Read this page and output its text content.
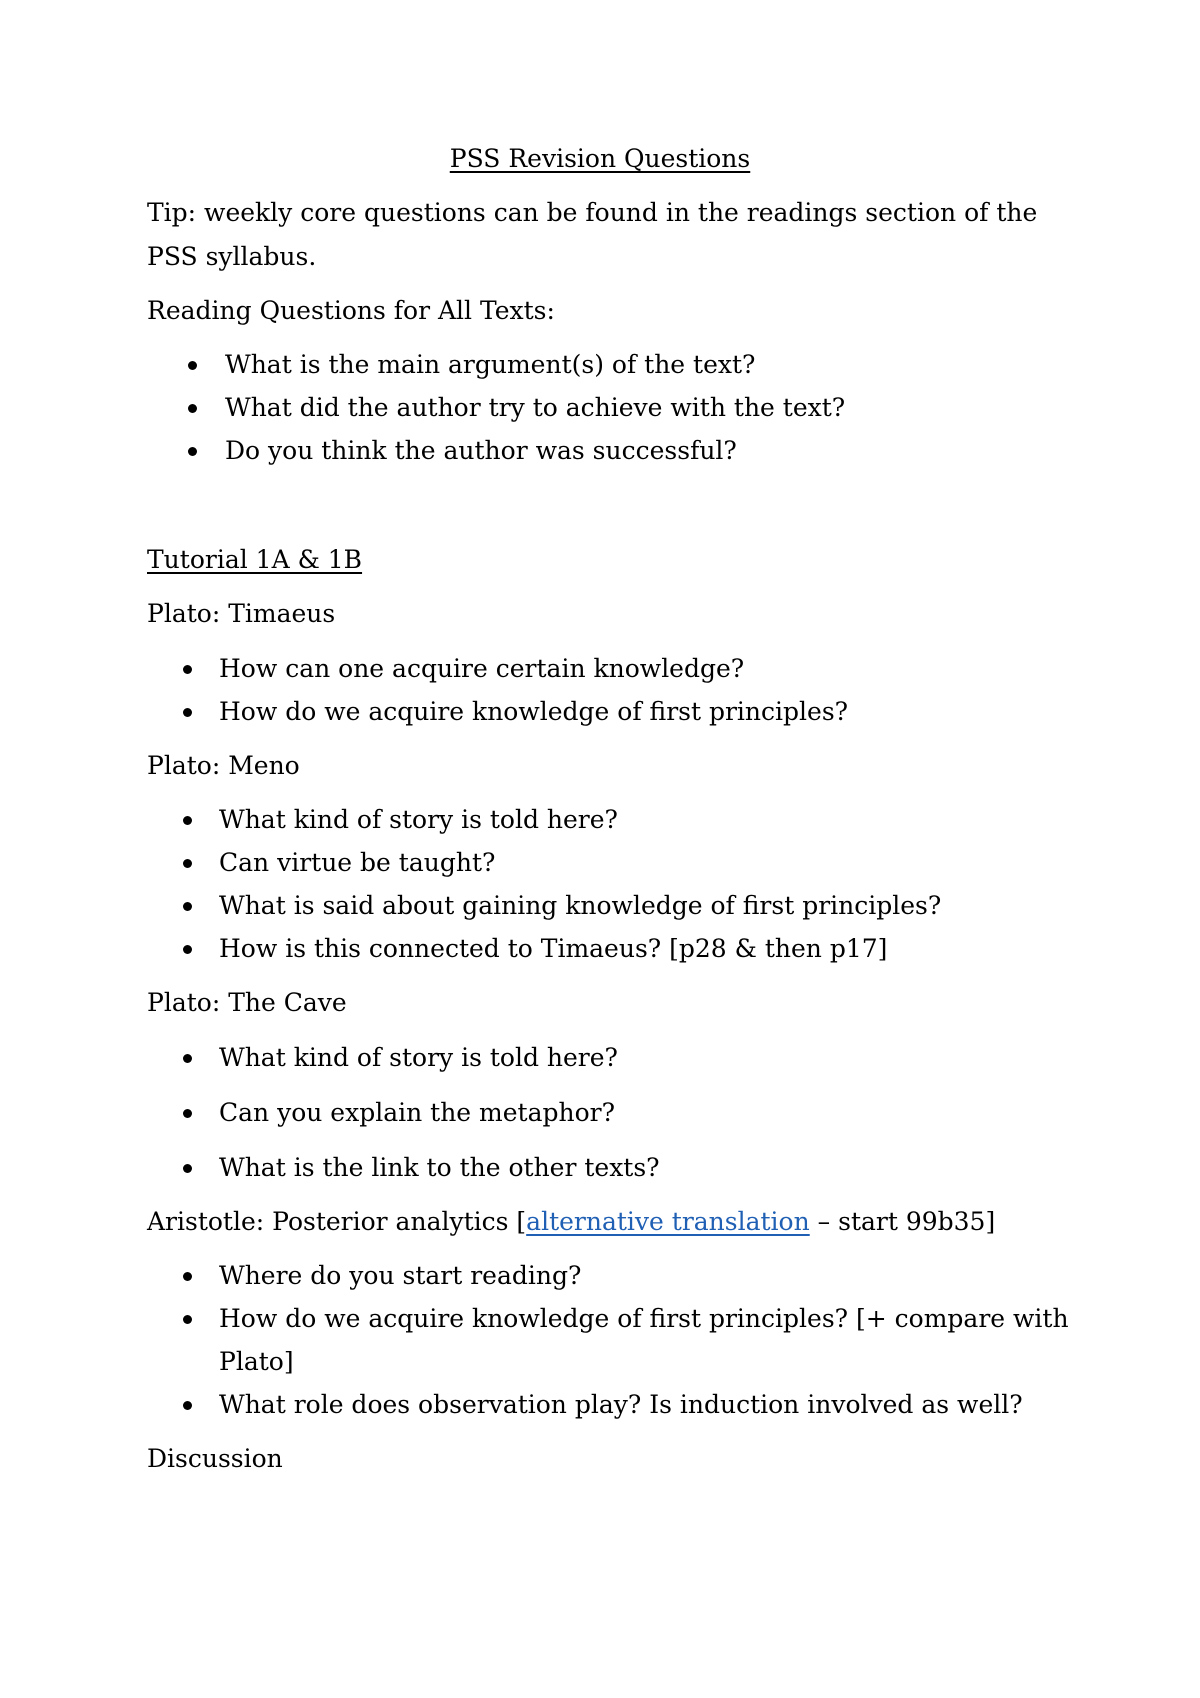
PSS Revision Questions
Tip: weekly core questions can be found in the readings section of the
PSS syllabus.
Reading Questions for All Texts:
What is the main argument(s) of the text?
What did the author try to achieve with the text?
Do you think the author was successful?
Tutorial 1A & 1B
Plato: Timaeus
How can one acquire certain knowledge?
How do we acquire knowledge of first principles?
Plato: Meno
What kind of story is told here?
Can virtue be taught?
What is said about gaining knowledge of first principles?
How is this connected to Timaeus? [p28 & then p17]
Plato: The Cave
What kind of story is told here?
Can you explain the metaphor?
What is the link to the other texts?
Aristotle: Posterior analytics [alternative translation – start 99b35]
Where do you start reading?
How do we acquire knowledge of first principles? [+ compare with
Plato]
What role does observation play? Is induction involved as well?
Discussion
